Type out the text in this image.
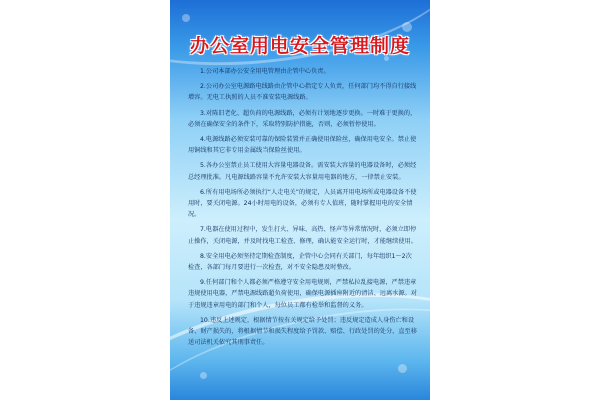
办公室用电安全管理制度

1.公司本部办公安全用电管理由企管中心负责。

2.公司办公室电源路电线路由企管中心指定专人负责，任何部门均不得自行接线增容。无电工执照的人员不准安装电源线路。

3.对陈旧老化、超负荷的电源线路，必须有计划地逐步更换。一时难于更换的，必须在确保安全的条件下，采取特别防护措施，否则，必须暂停使用。

4.电源线路必须安装可靠的保险装置并正确使用保险丝，确保用电安全。禁止使用铜线和其它非专用金属线当保险丝使用。

5.各办公室禁止员工使用大容量电器设备。需安装大容量的电器设备时，必须经总经理批准。凡电源线路容量不允许安装大容量用电器的地方，一律禁止安装。

6.所有用电场所必须执行“人走电关”的规定，人员离开用电场所或电器设备不使用时，要关闭电源。24小时用电的设备，必须有专人值班，随时掌握用电的安全情况。

7.电器在使用过程中，发生打火、异味、高热、怪声等异常情况时，必须立即停止操作，关闭电源，并及时找电工检查、修理，确认能安全运行时，才能继续使用。

8.安全用电必须坚持定期检查制度，企管中心会同有关部门，每年组织1～2次检查，各部门每月要进行一次检查，对不安全隐患及时整改。

9.任何部门和个人都必须严格遵守安全用电规则，严禁私拉乱接电源，严禁违章违规使用电器，严禁电源线路超负荷使用，确保电源插座附近的清洁、远离水源。对于违规违章用电的部门和个人，每位员工都有检举和监督的义务。

10.违反上述规定，根据情节按有关规定给予处罚；违反规定造成人身伤亡和设备、财产损失的，将根据情节和损失程度给予罚款、赔偿、行政处罚的处分，直至移送司法机关依究其刑事责任。
